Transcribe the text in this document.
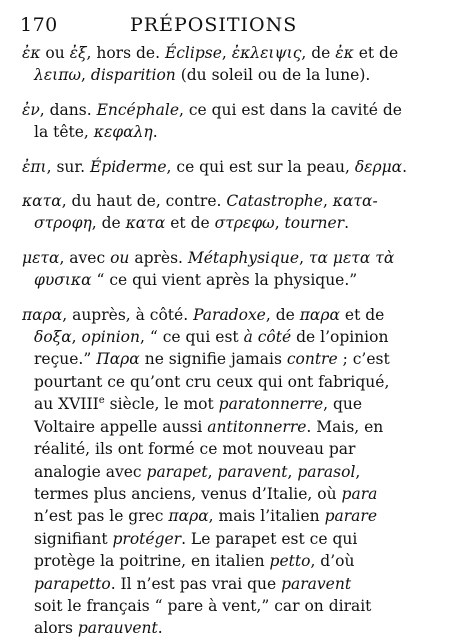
170	PRÉPOSITIONS

ἐκ ou ἐξ, hors de. Éclipse, ἐκλειψις, de ἐκ et de
λειπω, disparition (du soleil ou de la lune).

ἐν, dans. Encéphale, ce qui est dans la cavité de
la tête, κεφαλη.

ἐπι, sur. Épiderme, ce qui est sur la peau, δερμα.

κατα, du haut de, contre. Catastrophe, κατα-
στροφη, de κατα et de στρεφω, tourner.

μετα, avec ou après. Métaphysique, τα μετα τὰ
φυσικα “ ce qui vient après la physique.”

παρα, auprès, à côté. Paradoxe, de παρα et de
δοξα, opinion, “ ce qui est à côté de l’opinion
reçue.” Παρα ne signifie jamais contre ; c’est
pourtant ce qu’ont cru ceux qui ont fabriqué,
au XVIIIe siècle, le mot paratonnerre, que
Voltaire appelle aussi antitonnerre. Mais, en
réalité, ils ont formé ce mot nouveau par
analogie avec parapet, paravent, parasol,
termes plus anciens, venus d’Italie, où para
n’est pas le grec παρα, mais l’italien parare
signifiant protéger. Le parapet est ce qui
protège la poitrine, en italien petto, d’où
parapetto. Il n’est pas vrai que paravent
soit le français “ pare à vent,” car on dirait
alors parauvent.
